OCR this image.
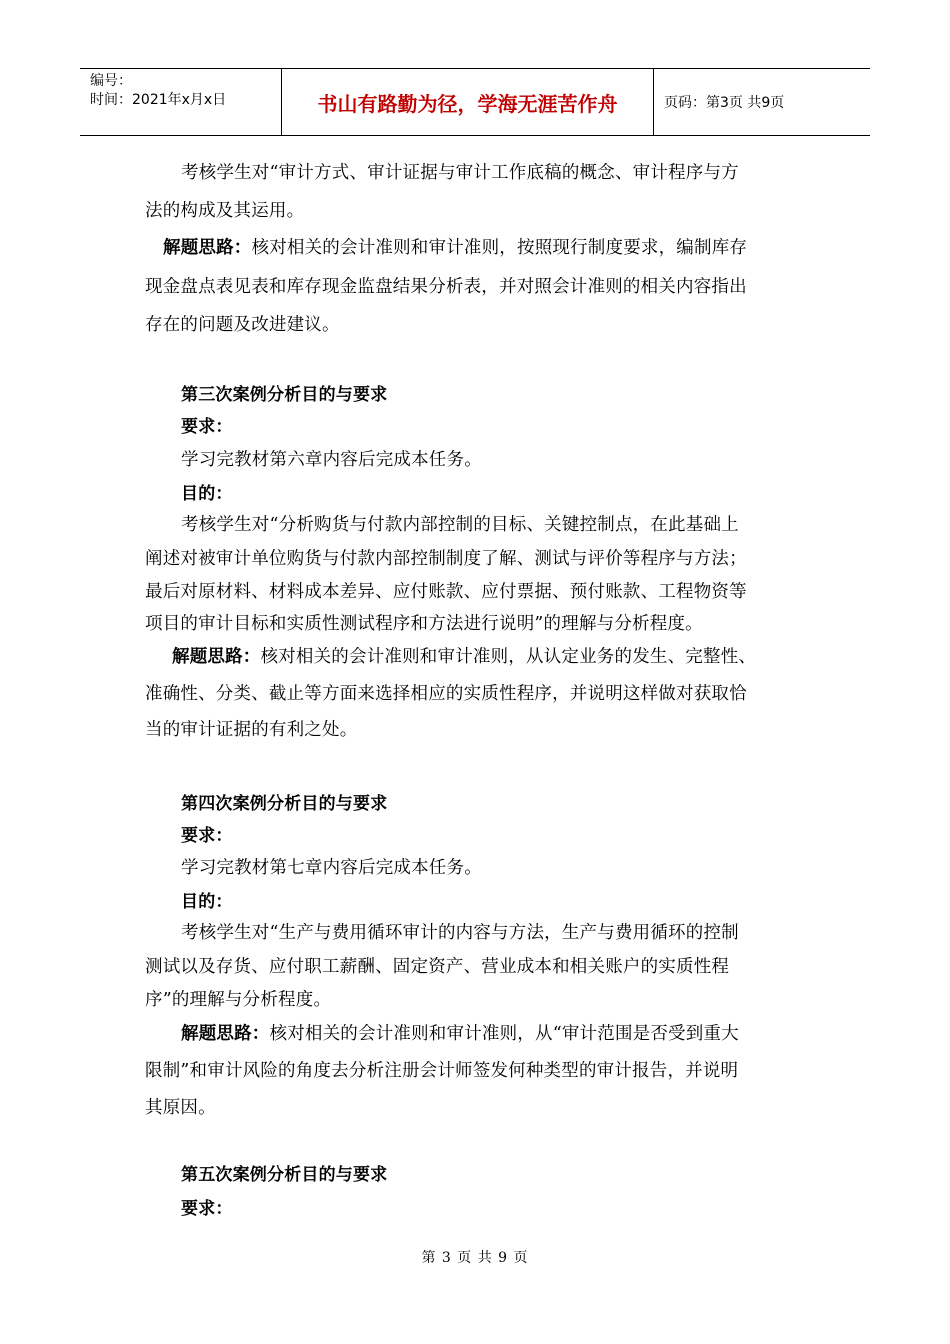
编号：
时间：2021年x月x日	书山有路勤为径，学海无涯苦作舟	页码：第3页 共9页
考核学生对“审计方式、审计证据与审计工作底稿的概念、审计程序与方
法的构成及其运用。
解题思路：核对相关的会计准则和审计准则，按照现行制度要求，编制库存
现金盘点表见表和库存现金监盘结果分析表，并对照会计准则的相关内容指出
存在的问题及改进建议。
第三次案例分析目的与要求
要求：
学习完教材第六章内容后完成本任务。
目的：
考核学生对“分析购货与付款内部控制的目标、关键控制点，在此基础上
阐述对被审计单位购货与付款内部控制制度了解、测试与评价等程序与方法；
最后对原材料、材料成本差异、应付账款、应付票据、预付账款、工程物资等
项目的审计目标和实质性测试程序和方法进行说明”的理解与分析程度。
解题思路：核对相关的会计准则和审计准则，从认定业务的发生、完整性、
准确性、分类、截止等方面来选择相应的实质性程序，并说明这样做对获取恰
当的审计证据的有利之处。
第四次案例分析目的与要求
要求：
学习完教材第七章内容后完成本任务。
目的：
考核学生对“生产与费用循环审计的内容与方法，生产与费用循环的控制
测试以及存货、应付职工薪酬、固定资产、营业成本和相关账户的实质性程
序”的理解与分析程度。
解题思路：核对相关的会计准则和审计准则，从“审计范围是否受到重大
限制”和审计风险的角度去分析注册会计师签发何种类型的审计报告，并说明
其原因。
第五次案例分析目的与要求
要求：
第 3 页 共 9 页
